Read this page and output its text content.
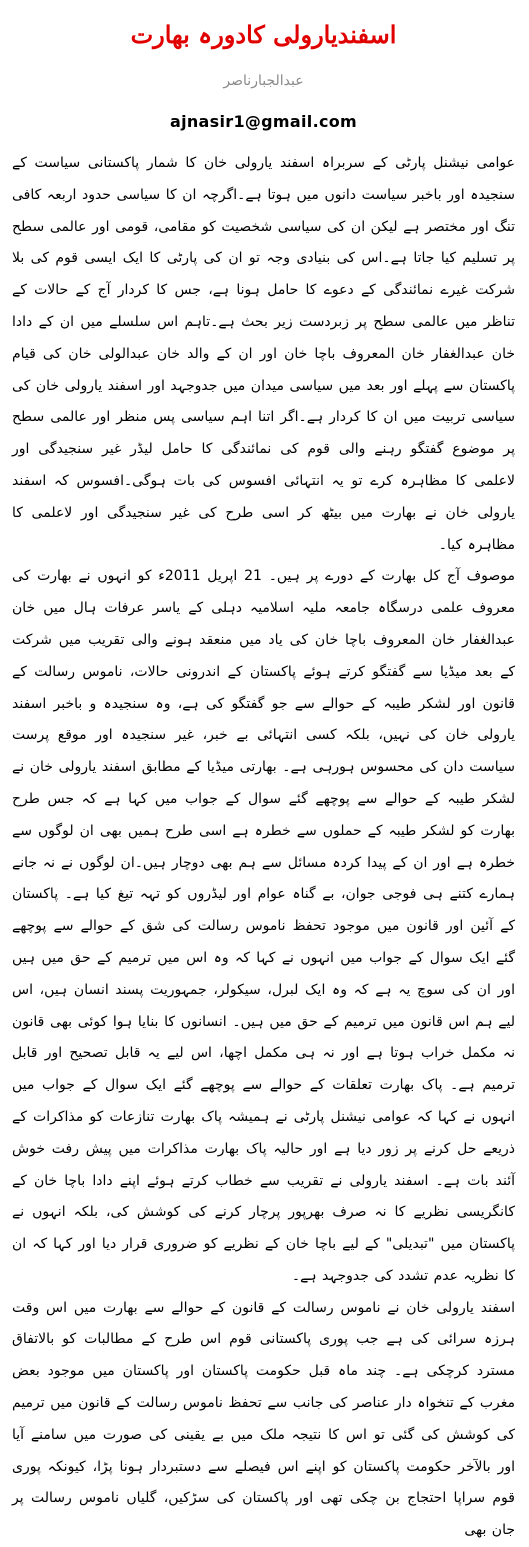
اسفندیارولی کادورہ بھارت
عبدالجبارناصر
ajnasir1@gmail.com

عوامی نیشنل پارٹی کے سربراہ اسفند یارولی خان کا شمار پاکستانی سیاست کے سنجیدہ اور باخبر سیاست دانوں میں ہوتا ہے۔اگرچہ ان کا سیاسی حدود اربعہ کافی تنگ اور مختصر ہے لیکن ان کی سیاسی شخصیت کو مقامی، قومی اور عالمی سطح پر تسلیم کیا جاتا ہے۔اس کی بنیادی وجہ تو ان کی پارٹی کا ایک ایسی قوم کی بلا شرکت غیرے نمائندگی کے دعوے کا حامل ہونا ہے، جس کا کردار آج کے حالات کے تناظر میں عالمی سطح پر زبردست زیر بحث ہے۔تاہم اس سلسلے میں ان کے دادا خان عبدالغفار خان المعروف باچا خان اور ان کے والد خان عبدالولی خان کی قیام پاکستان سے پہلے اور بعد میں سیاسی میدان میں جدوجہد اور اسفند یارولی خان کی سیاسی تربیت میں ان کا کردار ہے۔اگر اتنا اہم سیاسی پس منظر اور عالمی سطح پر موضوع گفتگو رہنے والی قوم کی نمائندگی کا حامل لیڈر غیر سنجیدگی اور لاعلمی کا مظاہرہ کرے تو یہ انتہائی افسوس کی بات ہوگی۔افسوس کہ اسفند یارولی خان نے بھارت میں بیٹھ کر اسی طرح کی غیر سنجیدگی اور لاعلمی کا مظاہرہ کیا۔

موصوف آج کل بھارت کے دورے پر ہیں۔ 21 اپریل 2011ء کو انہوں نے بھارت کی معروف علمی درسگاہ جامعہ ملیہ اسلامیہ دہلی کے یاسر عرفات ہال میں خان عبدالغفار خان المعروف باچا خان کی یاد میں منعقد ہونے والی تقریب میں شرکت کے بعد میڈیا سے گفتگو کرتے ہوئے پاکستان کے اندرونی حالات، ناموس رسالت کے قانون اور لشکر طیبہ کے حوالے سے جو گفتگو کی ہے، وہ سنجیدہ و باخبر اسفند یارولی خان کی نہیں، بلکہ کسی انتہائی بے خبر، غیر سنجیدہ اور موقع پرست سیاست دان کی محسوس ہورہی ہے۔ بھارتی میڈیا کے مطابق اسفند یارولی خان نے لشکر طیبہ کے حوالے سے پوچھے گئے سوال کے جواب میں کہا ہے کہ جس طرح بھارت کو لشکر طیبہ کے حملوں سے خطرہ ہے اسی طرح ہمیں بھی ان لوگوں سے خطرہ ہے اور ان کے پیدا کردہ مسائل سے ہم بھی دوچار ہیں۔ان لوگوں نے نہ جانے ہمارے کتنے ہی فوجی جوان، بے گناہ عوام اور لیڈروں کو تہہ تیغ کیا ہے۔ پاکستان کے آئین اور قانون میں موجود تحفظ ناموس رسالت کی شق کے حوالے سے پوچھے گئے ایک سوال کے جواب میں انہوں نے کہا کہ وہ اس میں ترمیم کے حق میں ہیں اور ان کی سوچ یہ ہے کہ وہ ایک لبرل، سیکولر، جمہوریت پسند انسان ہیں، اس لیے ہم اس قانون میں ترمیم کے حق میں ہیں۔ انسانوں کا بنایا ہوا کوئی بھی قانون نہ مکمل خراب ہوتا ہے اور نہ ہی مکمل اچھا، اس لیے یہ قابل تصحیح اور قابل ترمیم ہے۔ پاک بھارت تعلقات کے حوالے سے پوچھے گئے ایک سوال کے جواب میں انہوں نے کہا کہ عوامی نیشنل پارٹی نے ہمیشہ پاک بھارت تنازعات کو مذاکرات کے ذریعے حل کرنے پر زور دیا ہے اور حالیہ پاک بھارت مذاکرات میں پیش رفت خوش آئند بات ہے۔ اسفند یارولی نے تقریب سے خطاب کرتے ہوئے اپنے دادا باچا خان کے کانگریسی نظریے کا نہ صرف بھرپور پرچار کرنے کی کوشش کی، بلکہ انہوں نے پاکستان میں "تبدیلی" کے لیے باچا خان کے نظریے کو ضروری قرار دیا اور کہا کہ ان کا نظریہ عدم تشدد کی جدوجہد ہے۔

اسفند یارولی خان نے ناموس رسالت کے قانون کے حوالے سے بھارت میں اس وقت ہرزہ سرائی کی ہے جب پوری پاکستانی قوم اس طرح کے مطالبات کو بالاتفاق مسترد کرچکی ہے۔ چند ماہ قبل حکومت پاکستان اور پاکستان میں موجود بعض مغرب کے تنخواہ دار عناصر کی جانب سے تحفظ ناموس رسالت کے قانون میں ترمیم کی کوشش کی گئی تو اس کا نتیجہ ملک میں بے یقینی کی صورت میں سامنے آیا اور بالآخر حکومت پاکستان کو اپنے اس فیصلے سے دستبردار ہونا پڑا، کیونکہ پوری قوم سراپا احتجاج بن چکی تھی اور پاکستان کی سڑکیں، گلیاں ناموس رسالت پر جان بھی
